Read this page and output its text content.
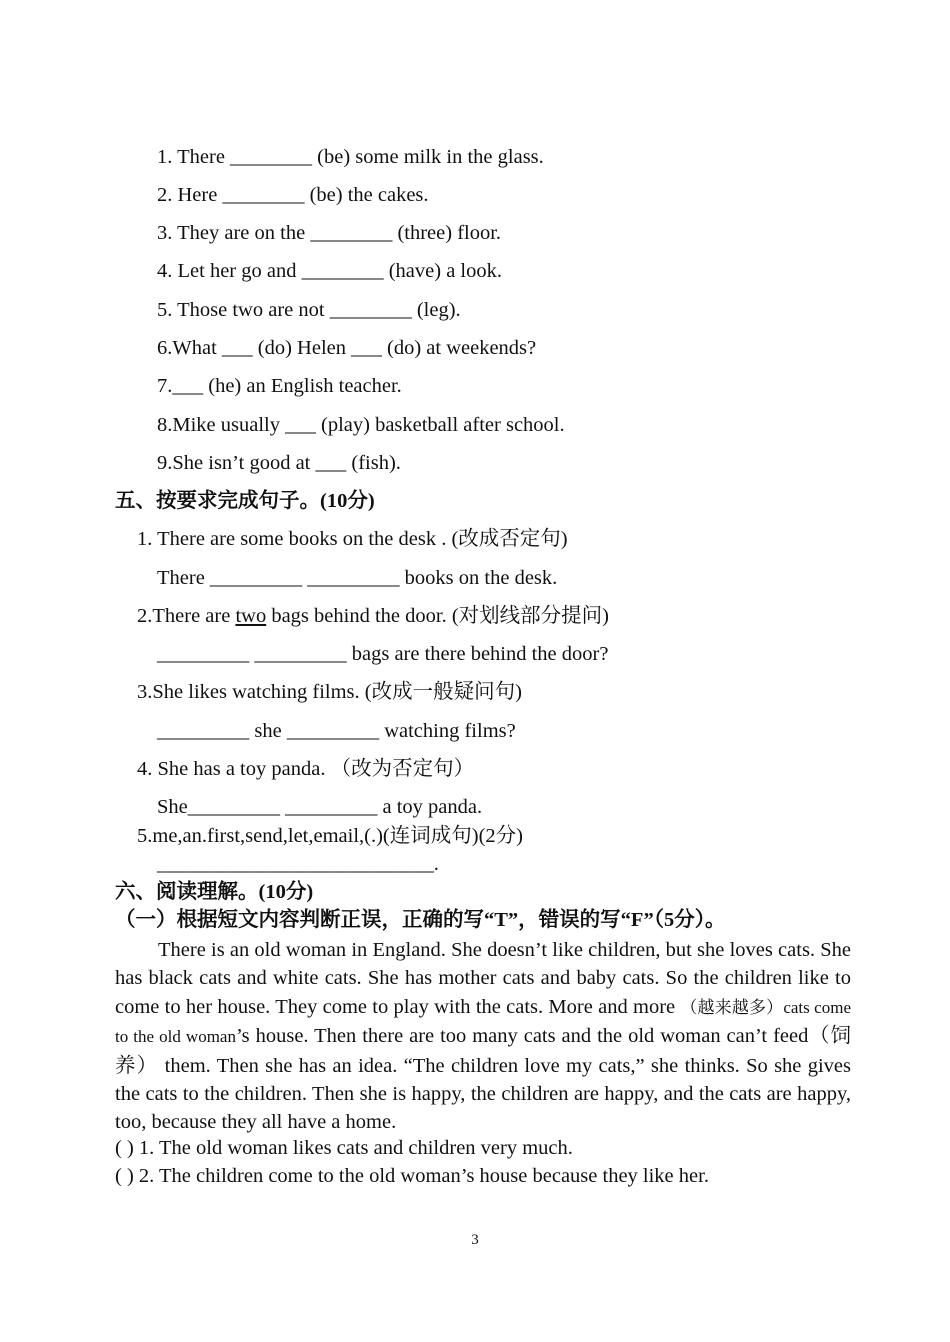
1. There ________ (be) some milk in the glass.
2. Here ________ (be) the cakes.
3. They are on the ________ (three) floor.
4. Let her go and ________ (have) a look.
5. Those two are not ________ (leg).
6.What ___ (do) Helen ___ (do) at weekends?
7.___ (he) an English teacher.
8.Mike usually ___ (play) basketball after school.
9.She isn’t good at ___ (fish).
五、按要求完成句子。(10分)
1. There are some books on the desk . (改成否定句)
There _________ _________ books on the desk.
2.There are two bags behind the door. (对划线部分提问)
_________ _________ bags are there behind the door?
3.She likes watching films. (改成一般疑问句)
_________ she _________ watching films?
4. She has a toy panda. （改为否定句）
She_________ _________ a toy panda.
5.me,an.first,send,let,email,(.)(连词成句)(2分)
___________________________.
六、阅读理解。(10分)
（一）根据短文内容判断正误，正确的写“T”，错误的写“F”（5分）。
There is an old woman in England. She doesn’t like children, but she loves cats. She has black cats and white cats. She has mother cats and baby cats. So the children like to come to her house. They come to play with the cats. More and more （越来越多）cats come to the old woman’s house. Then there are too many cats and the old woman can’t feed（饲养） them. Then she has an idea. “The children love my cats,” she thinks. So she gives the cats to the children. Then she is happy, the children are happy, and the cats are happy, too, because they all have a home.
( ) 1. The old woman likes cats and children very much.
( ) 2. The children come to the old woman’s house because they like her.
3
